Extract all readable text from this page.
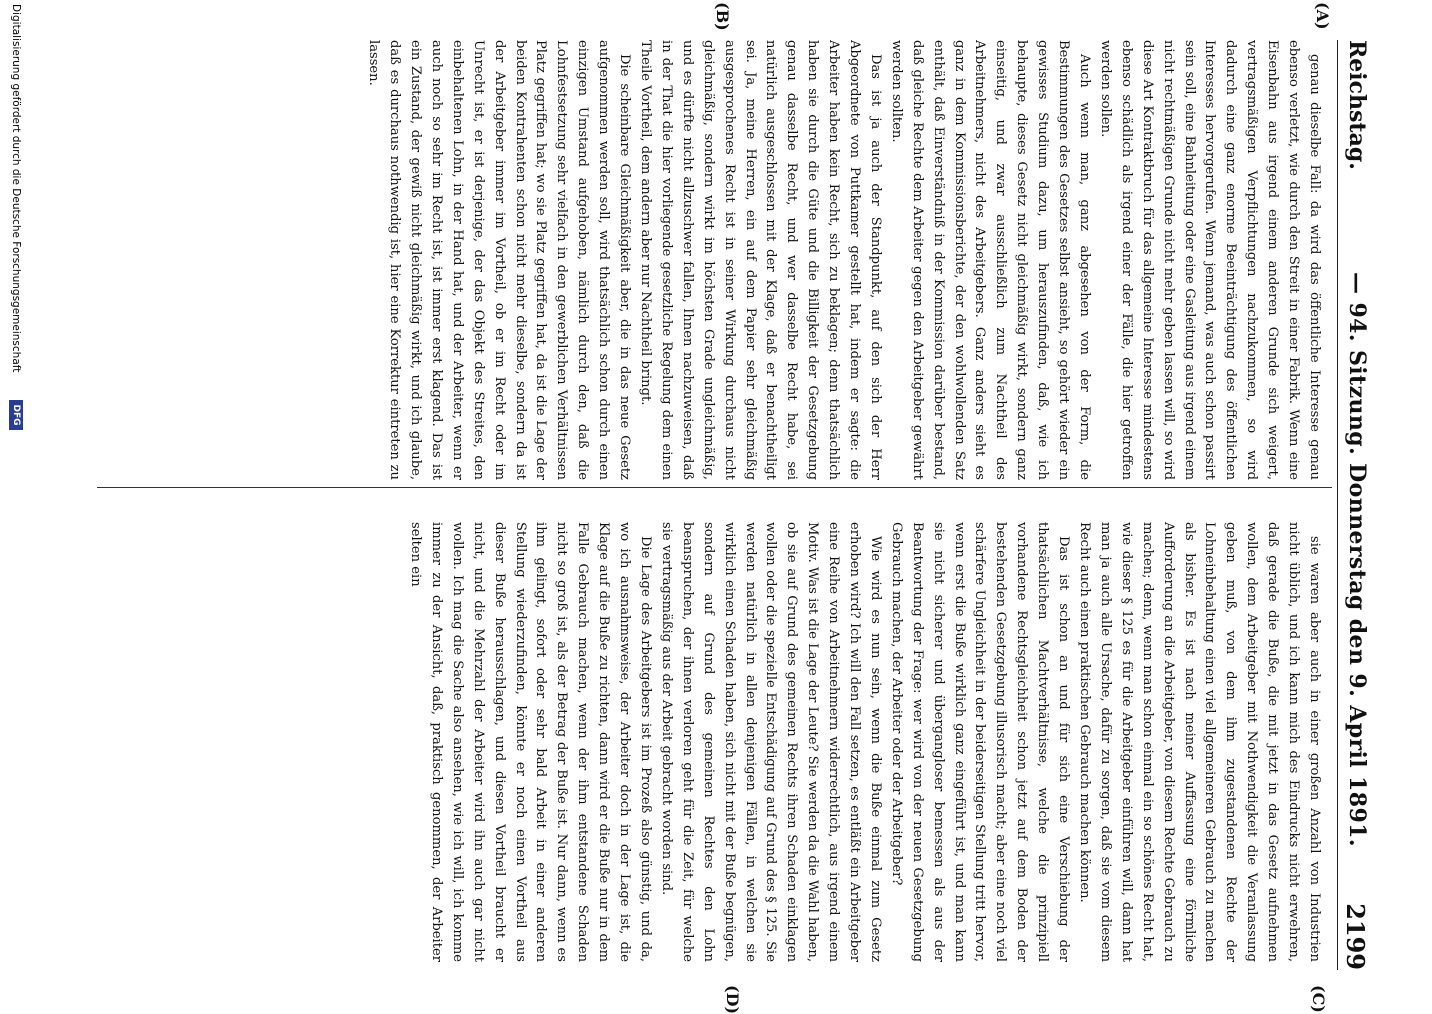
Reichstag.
— 94. Sitzung. Donnerstag den 9. April 1891.
2199
(A)
(B)
(C)
(D)

genau dieselbe Fall: da wird das öffentliche Interesse genau ebenso verletzt, wie durch den Streit in einer Fabrik. Wenn eine Eisenbahn aus irgend einem anderen Grunde sich weigert, vertragsmäßigen Verpflichtungen nachzukommen, so wird dadurch eine ganz enorme Beeinträchtigung des öffentlichen Interesses hervorgerufen. Wenn jemand, was auch schon passirt sein soll, eine Bahnleitung oder eine Gasleitung aus irgend einem nicht rechtmäßigen Grunde nicht mehr geben lassen will, so wird diese Art Kontraktbruch für das allgemeine Interesse mindestens ebenso schädlich als irgend einer der Fälle, die hier getroffen werden sollen.

Auch wenn man, ganz abgesehen von der Form, die Bestimmungen des Gesetzes selbst ansieht, so gehört wieder ein gewisses Studium dazu, um herauszufinden, daß, wie ich behaupte, dieses Gesetz nicht gleichmäßig wirkt, sondern ganz einseitig, und zwar ausschließlich zum Nachtheil des Arbeitnehmers, nicht des Arbeitgebers. Ganz anders sieht es ganz in dem Kommissionsberichte, der den wohlwollenden Satz enthält, daß Einverständniß in der Kommission darüber bestand, daß gleiche Rechte dem Arbeiter gegen den Arbeitgeber gewährt werden sollten.

Das ist ja auch der Standpunkt, auf den sich der Herr Abgeordnete von Puttkamer gestellt hat, indem er sagte: die Arbeiter haben kein Recht, sich zu beklagen; denn thatsächlich haben sie durch die Güte und die Billigkeit der Gesetzgebung genau dasselbe Recht, und wer dasselbe Recht habe, sei natürlich ausgeschlossen mit der Klage, daß er benachtheiligt sei. Ja, meine Herren, ein auf dem Papier sehr gleichmäßig ausgesprochenes Recht ist in seiner Wirkung durchaus nicht gleichmäßig, sondern wirkt im höchsten Grade ungleichmäßig, und es dürfte nicht allzuschwer fallen, Ihnen nachzuweisen, daß in der That die hier vorliegende gesetzliche Regelung dem einen Theile Vortheil, dem andern aber nur Nachtheil bringt.

Die scheinbare Gleichmäßigkeit aber, die in das neue Gesetz aufgenommen werden soll, wird thatsächlich schon durch einen einzigen Umstand aufgehoben, nämlich durch den, daß die Lohnfestsetzung sehr vielfach in den gewerblichen Verhältnissen Platz gegriffen hat; wo sie Platz gegriffen hat, da ist die Lage der beiden Kontrahenten schon nicht mehr dieselbe, sondern da ist der Arbeitgeber immer im Vortheil, ob er im Recht oder im Unrecht ist, er ist derjenige, der das Objekt des Streites, den einbehaltenen Lohn, in der Hand hat, und der Arbeiter, wenn er auch noch so sehr im Recht ist, ist immer erst klagend. Das ist ein Zustand, der gewiß nicht gleichmäßig wirkt, und ich glaube, daß es durchaus nothwendig ist, hier eine Korrektur eintreten zu lassen.

sie waren aber auch in einer großen Anzahl von Industrien nicht üblich, und ich kann mich des Eindrucks nicht erwehren, daß gerade die Buße, die mit jetzt in das Gesetz aufnehmen wollen, dem Arbeitgeber mit Nothwendigkeit die Veranlassung geben muß, von dem ihm zugestandenen Rechte der Lohneinbehaltung einen viel allgemeineren Gebrauch zu machen als bisher. Es ist nach meiner Auffassung eine förmliche Aufforderung an die Arbeitgeber, von diesem Rechte Gebrauch zu machen; denn, wenn man schon einmal ein so schönes Recht hat, wie dieser § 125 es für die Arbeitgeber einführen will, dann hat man ja auch alle Ursache, dafür zu sorgen, daß sie vom diesem Recht auch einen praktischen Gebrauch machen können.

Das ist schon an und für sich eine Verschiebung der thatsächlichen Machtverhältnisse, welche die prinzipiell vorhandene Rechtsgleichheit schon jetzt auf dem Boden der bestehenden Gesetzgebung illusorisch macht; aber eine noch viel schärfere Ungleichheit in der beiderseitigen Stellung tritt hervor, wenn erst die Buße wirklich ganz eingeführt ist, und man kann sie nicht sicherer und übergangloser bemessen als aus der Beantwortung der Frage: wer wird von der neuen Gesetzgebung Gebrauch machen, der Arbeiter oder der Arbeitgeber?

Wie wird es nun sein, wenn die Buße einmal zum Gesetz erhoben wird? Ich will den Fall setzen, es entläßt ein Arbeitgeber eine Reihe von Arbeitnehmern widerrechtlich, aus irgend einem Motiv. Was ist die Lage der Leute? Sie werden da die Wahl haben, ob sie auf Grund des gemeinen Rechts ihren Schaden einklagen wollen oder die spezielle Entschädigung auf Grund des § 125. Sie werden natürlich in allen denjenigen Fällen, in welchen sie wirklich einen Schaden haben, sich nicht mit der Buße begnügen, sondern auf Grund des gemeinen Rechtes den Lohn beanspruchen, der ihnen verloren geht für die Zeit, für welche sie vertragsmäßig aus der Arbeit gebracht worden sind.

Die Lage des Arbeitgebers ist im Prozeß also günstig, und da, wo ich ausnahmsweise, der Arbeiter doch in der Lage ist, die Klage auf die Buße zu richten, dann wird er die Buße nur in dem Falle Gebrauch machen, wenn der ihm entstandene Schaden nicht so groß ist, als der Betrag der Buße ist. Nur dann, wenn es ihm gelingt, sofort oder sehr bald Arbeit in einer anderen Stellung wiederzufinden, könnte er noch einen Vortheil aus dieser Buße herausschlagen, und diesen Vortheil braucht er nicht, und die Mehrzahl der Arbeiter wird ihn auch gar nicht wollen. Ich mag die Sache also ansehen, wie ich will, ich komme immer zu der Ansicht, daß, praktisch genommen, der Arbeiter selten ein

Digitalisierung gefördert durch die Deutsche Forschungsgemeinschaft
DFG
